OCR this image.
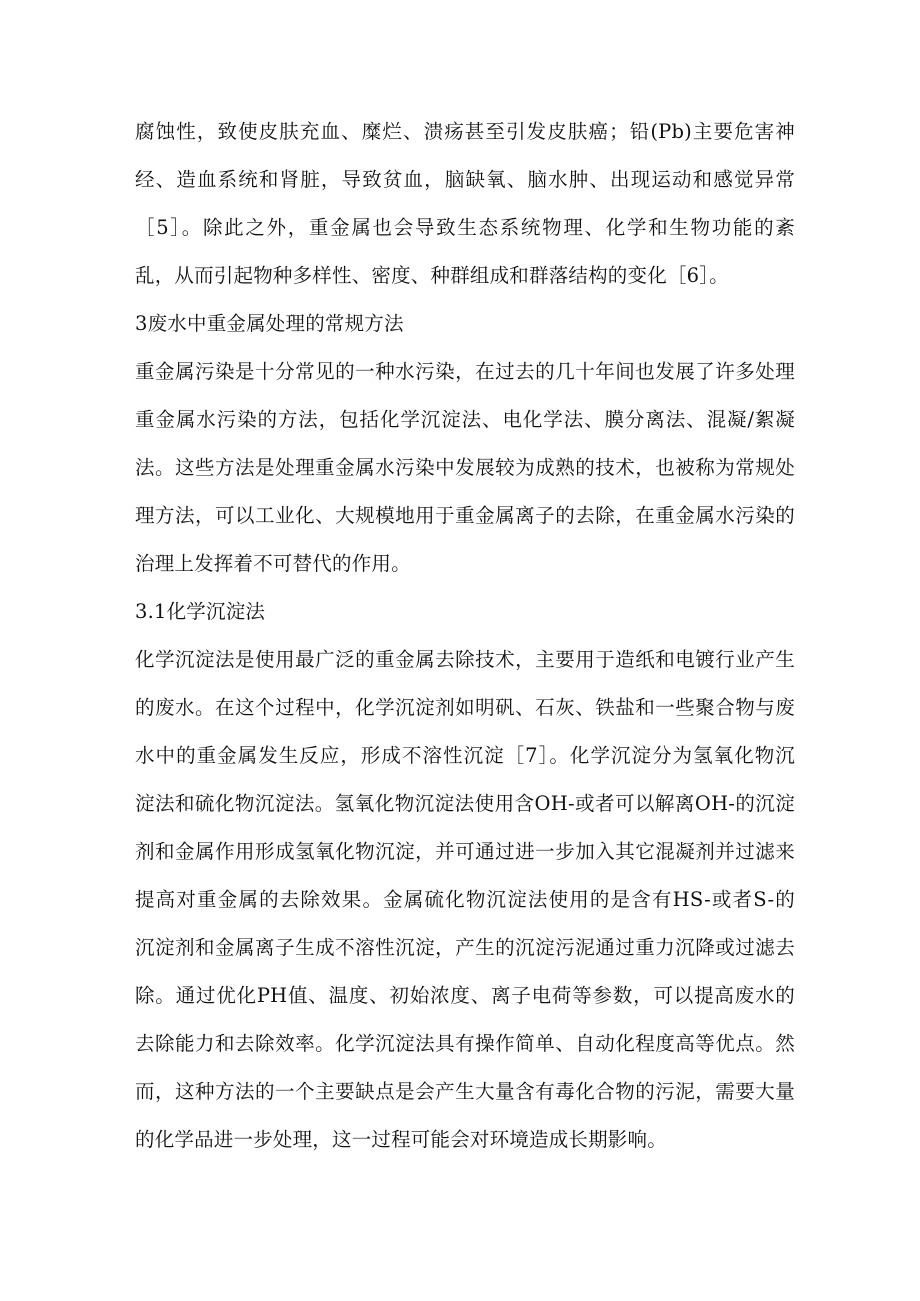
腐蚀性，致使皮肤充血、糜烂、溃疡甚至引发皮肤癌；铅(Pb)主要危害神
经、造血系统和肾脏，导致贫血，脑缺氧、脑水肿、出现运动和感觉异常
［5］。除此之外，重金属也会导致生态系统物理、化学和生物功能的紊
乱，从而引起物种多样性、密度、种群组成和群落结构的变化［6］。
3废水中重金属处理的常规方法
重金属污染是十分常见的一种水污染，在过去的几十年间也发展了许多处理
重金属水污染的方法，包括化学沉淀法、电化学法、膜分离法、混凝/絮凝
法。这些方法是处理重金属水污染中发展较为成熟的技术，也被称为常规处
理方法，可以工业化、大规模地用于重金属离子的去除，在重金属水污染的
治理上发挥着不可替代的作用。
3.1化学沉淀法
化学沉淀法是使用最广泛的重金属去除技术，主要用于造纸和电镀行业产生
的废水。在这个过程中，化学沉淀剂如明矾、石灰、铁盐和一些聚合物与废
水中的重金属发生反应，形成不溶性沉淀［7］。化学沉淀分为氢氧化物沉
淀法和硫化物沉淀法。氢氧化物沉淀法使用含OH-或者可以解离OH-的沉淀
剂和金属作用形成氢氧化物沉淀，并可通过进一步加入其它混凝剂并过滤来
提高对重金属的去除效果。金属硫化物沉淀法使用的是含有HS-或者S-的
沉淀剂和金属离子生成不溶性沉淀，产生的沉淀污泥通过重力沉降或过滤去
除。通过优化PH值、温度、初始浓度、离子电荷等参数，可以提高废水的
去除能力和去除效率。化学沉淀法具有操作简单、自动化程度高等优点。然
而，这种方法的一个主要缺点是会产生大量含有毒化合物的污泥，需要大量
的化学品进一步处理，这一过程可能会对环境造成长期影响。
